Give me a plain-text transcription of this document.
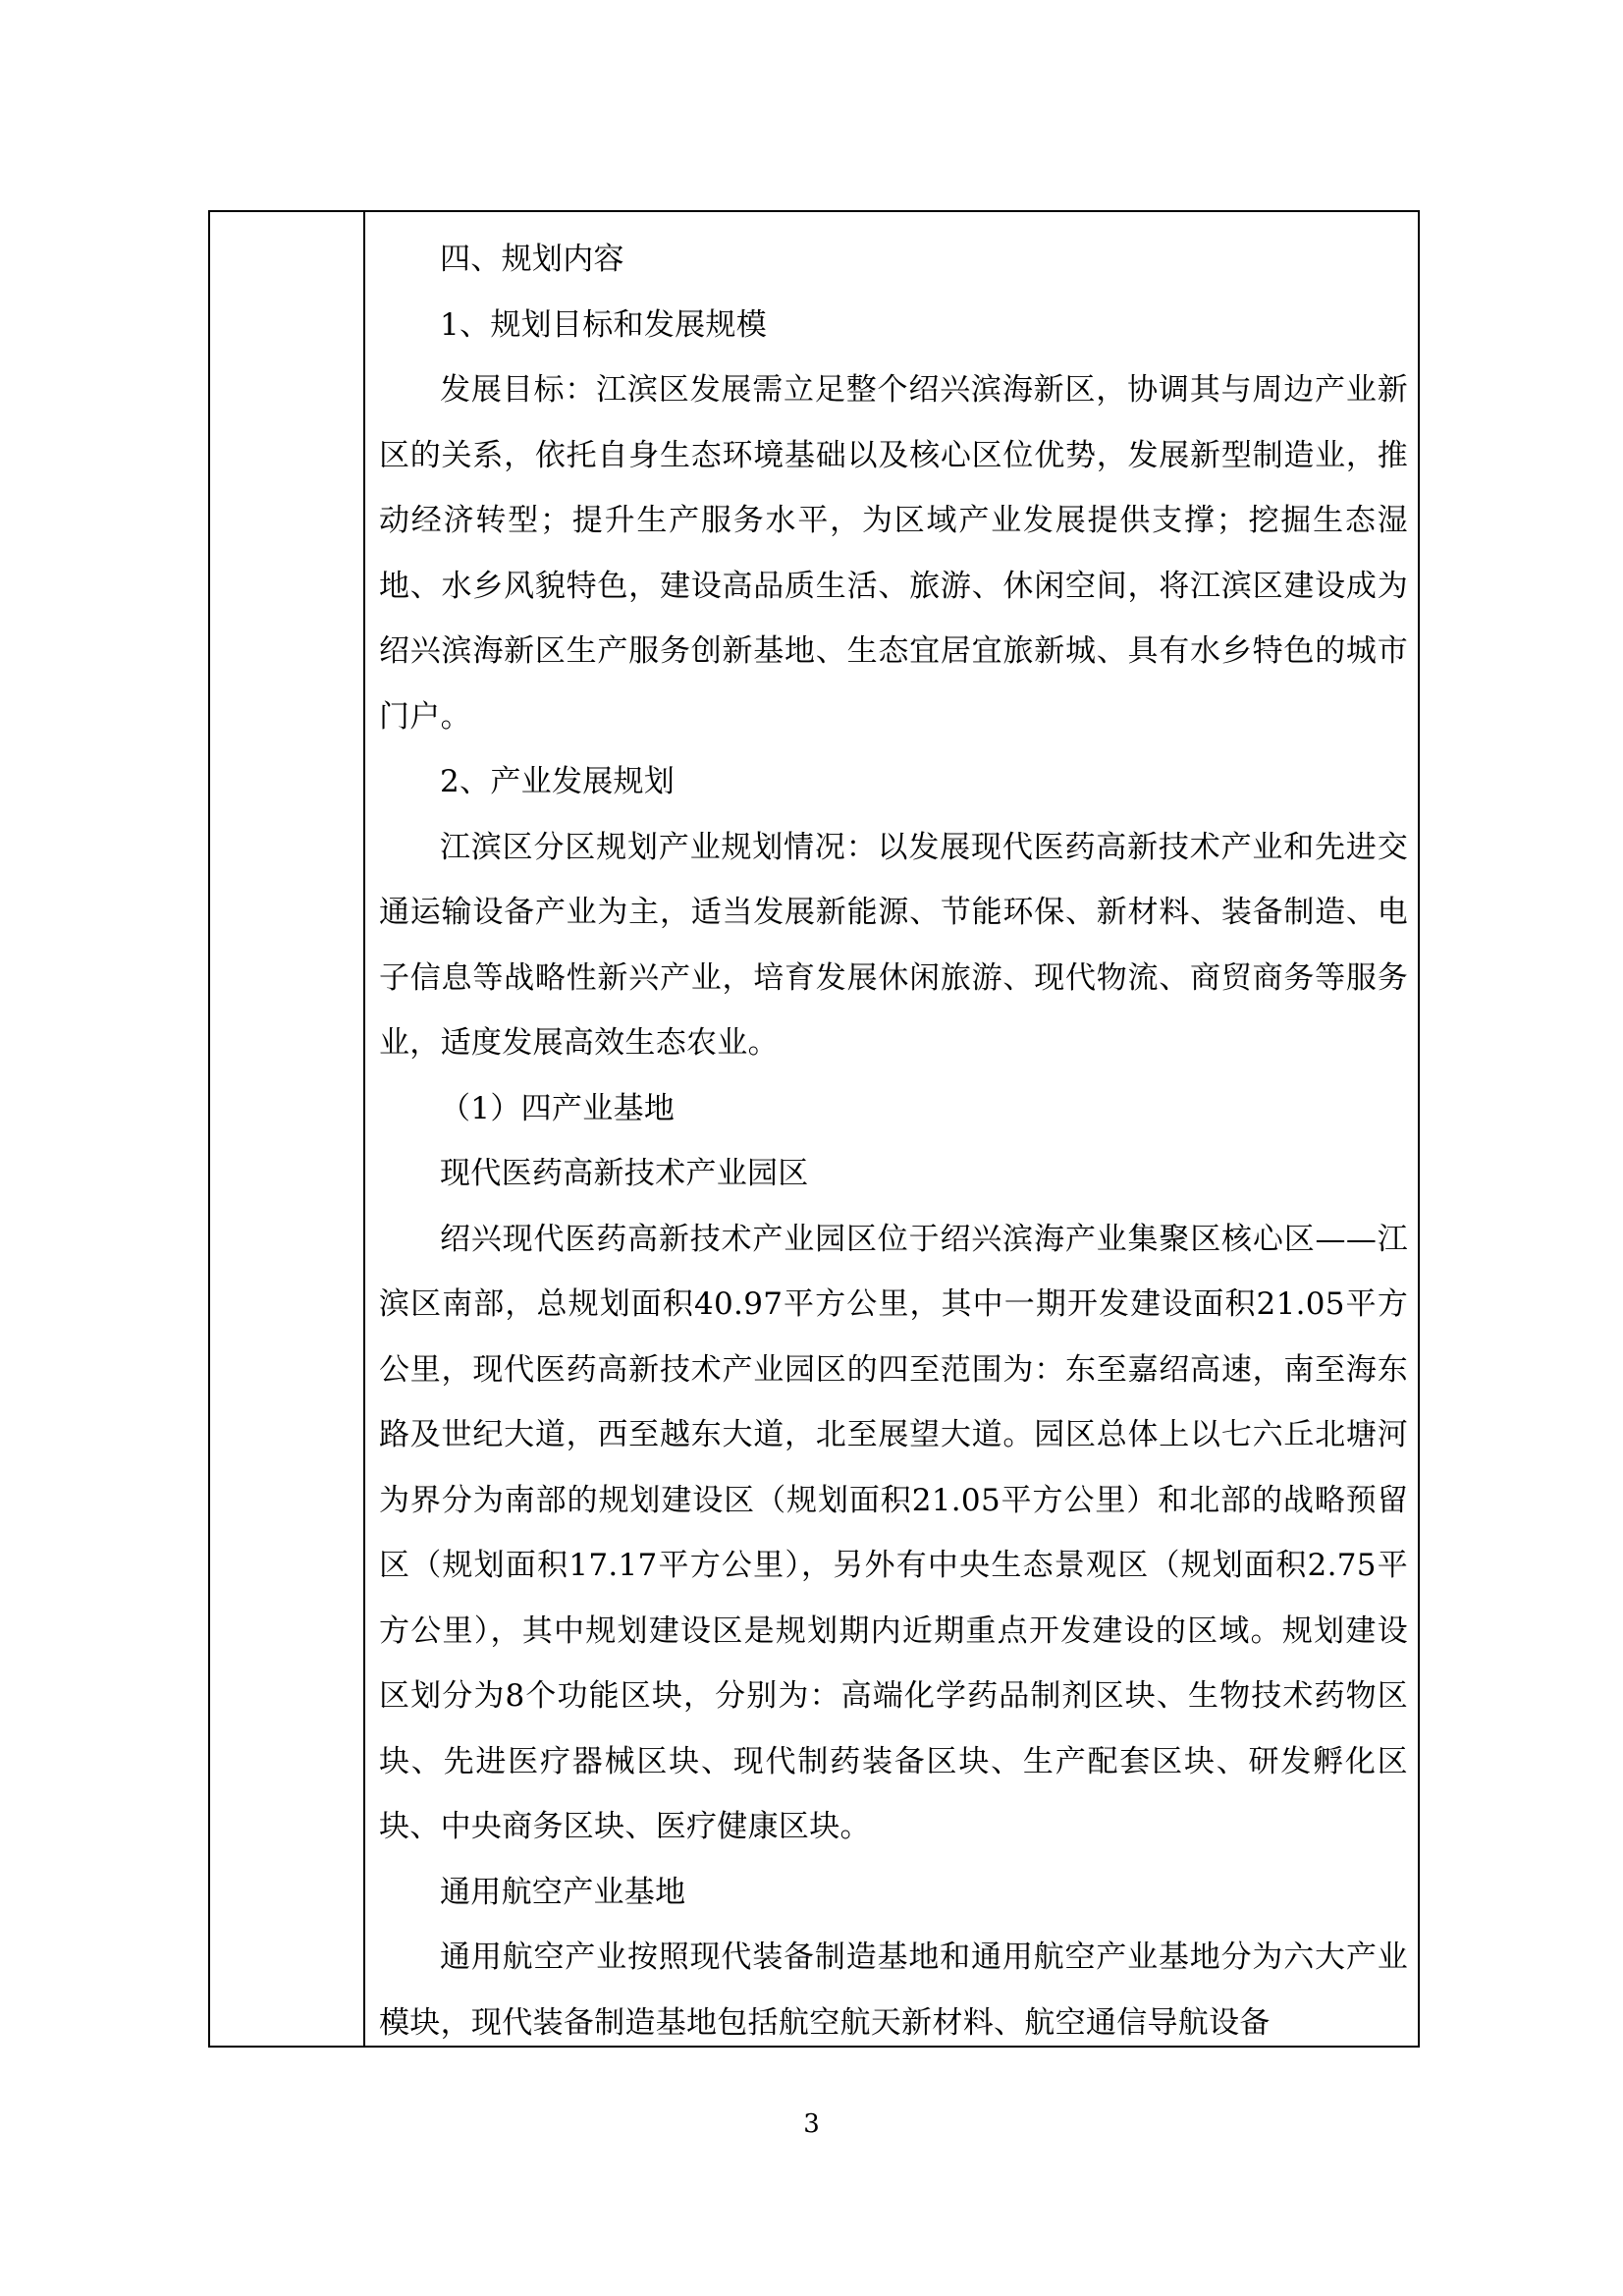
四、规划内容

1、规划目标和发展规模

发展目标：江滨区发展需立足整个绍兴滨海新区，协调其与周边产业新区的关系，依托自身生态环境基础以及核心区位优势，发展新型制造业，推动经济转型；提升生产服务水平，为区域产业发展提供支撑；挖掘生态湿地、水乡风貌特色，建设高品质生活、旅游、休闲空间，将江滨区建设成为绍兴滨海新区生产服务创新基地、生态宜居宜旅新城、具有水乡特色的城市门户。

2、产业发展规划

江滨区分区规划产业规划情况：以发展现代医药高新技术产业和先进交通运输设备产业为主，适当发展新能源、节能环保、新材料、装备制造、电子信息等战略性新兴产业，培育发展休闲旅游、现代物流、商贸商务等服务业，适度发展高效生态农业。

（1）四产业基地

现代医药高新技术产业园区

绍兴现代医药高新技术产业园区位于绍兴滨海产业集聚区核心区——江滨区南部，总规划面积40.97平方公里，其中一期开发建设面积21.05平方公里，现代医药高新技术产业园区的四至范围为：东至嘉绍高速，南至海东路及世纪大道，西至越东大道，北至展望大道。园区总体上以七六丘北塘河为界分为南部的规划建设区（规划面积21.05平方公里）和北部的战略预留区（规划面积17.17平方公里），另外有中央生态景观区（规划面积2.75平方公里），其中规划建设区是规划期内近期重点开发建设的区域。规划建设区划分为8个功能区块，分别为：高端化学药品制剂区块、生物技术药物区块、先进医疗器械区块、现代制药装备区块、生产配套区块、研发孵化区块、中央商务区块、医疗健康区块。

通用航空产业基地

通用航空产业按照现代装备制造基地和通用航空产业基地分为六大产业模块，现代装备制造基地包括航空航天新材料、航空通信导航设备

3
